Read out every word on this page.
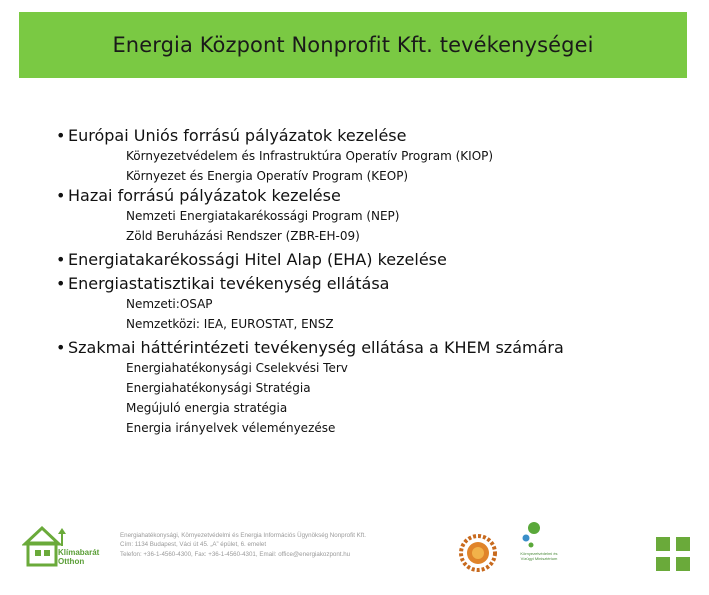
Energia Központ Nonprofit Kft. tevékenységei
• Európai Uniós forrású pályázatok kezelése
Környezetvédelem és Infrastruktúra Operatív Program (KIOP)
Környezet és Energia Operatív Program (KEOP)
• Hazai forrású pályázatok kezelése
Nemzeti Energiatakarékossági Program (NEP)
Zöld Beruházási Rendszer (ZBR-EH-09)
• Energiatakarékossági Hitel Alap (EHA) kezelése
• Energiastatisztikai tevékenység ellátása
Nemzeti:OSAP
Nemzetközi: IEA, EUROSTAT, ENSZ
• Szakmai háttérintézeti tevékenység ellátása a KHEM számára
Energiahatékonysági Cselekvési Terv
Energiahatékonysági Stratégia
Megújuló energia stratégia
Energia irányelvek véleményezése
Klímabarát
Otthon
Energiahatékonysági, Környezetvédelmi és Energia Információs Ügynökség Nonprofit Kft.
Cím: 1134 Budapest, Váci út 45. „A” épület, 6. emelet
Telefon: +36-1-4560-4300, Fax: +36-1-4560-4301, Email: office@energiakozpont.hu	Környezetvédelmi és Vízügyi Minisztérium
